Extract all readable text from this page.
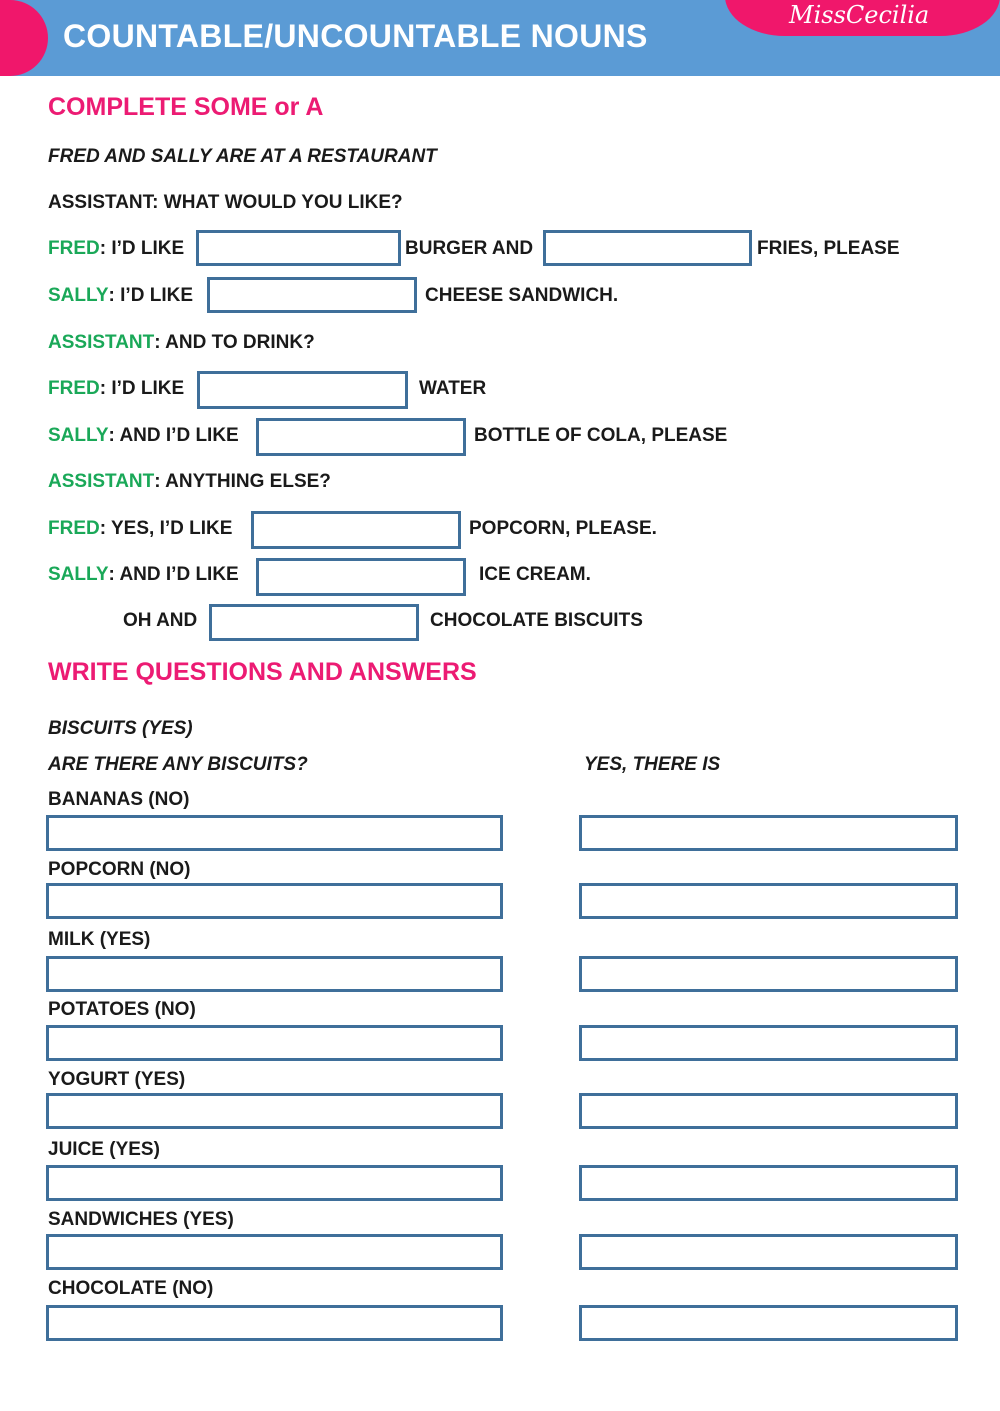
COUNTABLE/UNCOUNTABLE NOUNS
MissCecilia
COMPLETE SOME or A
FRED AND SALLY ARE AT A RESTAURANT
ASSISTANT: WHAT WOULD YOU LIKE?
FRED : I’D LIKE	BURGER AND	FRIES, PLEASE
SALLY : I’D LIKE	CHEESE SANDWICH.
ASSISTANT : AND TO DRINK?
FRED : I’D LIKE	WATER
SALLY : AND I’D LIKE	BOTTLE OF COLA, PLEASE
ASSISTANT : ANYTHING ELSE?
FRED : YES, I’D LIKE	POPCORN, PLEASE.
SALLY : AND I’D LIKE	ICE CREAM.
OH AND	CHOCOLATE BISCUITS
WRITE QUESTIONS AND ANSWERS
BISCUITS (YES)
ARE THERE ANY BISCUITS?	YES, THERE IS
BANANAS (NO)
POPCORN (NO)
MILK (YES)
POTATOES (NO)
YOGURT (YES)
JUICE (YES)
SANDWICHES (YES)
CHOCOLATE (NO)
